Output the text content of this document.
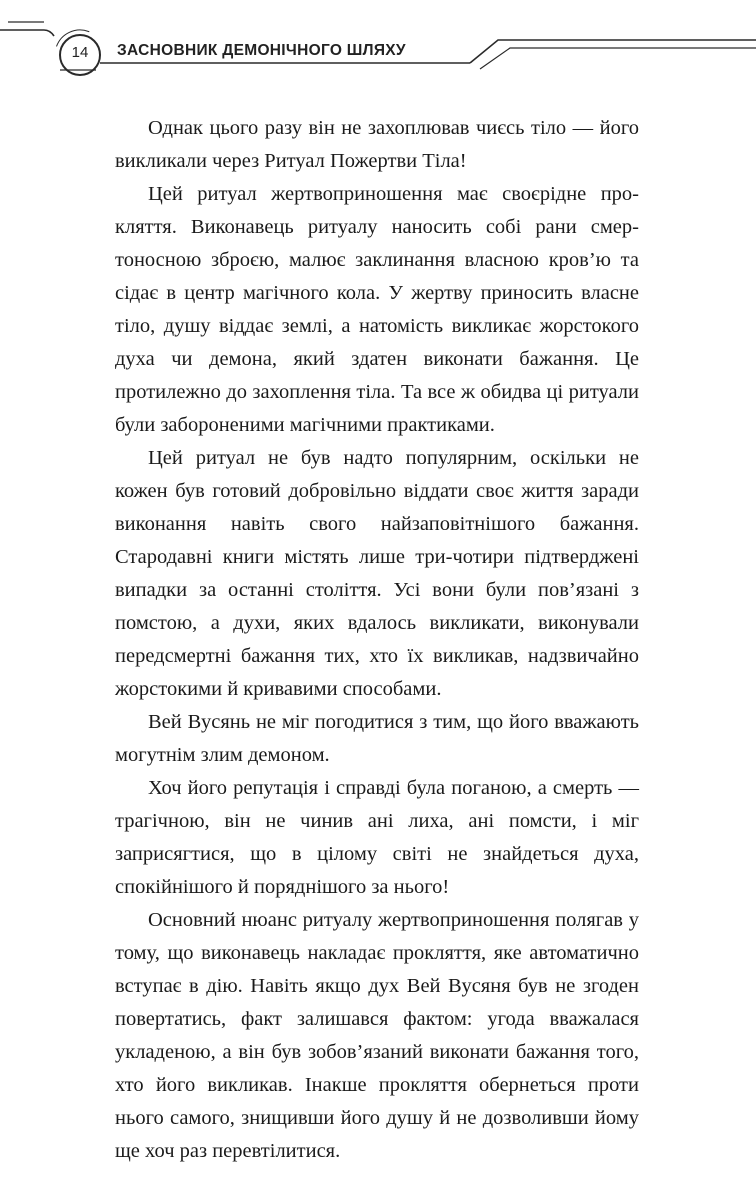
14	ЗАСНОВНИК ДЕМОНІЧНОГО ШЛЯХУ

Однак цього разу він не захоплював чиєсь тіло — його викликали через Ритуал Пожертви Тіла!

Цей ритуал жертвоприношення має своєрідне прокляття. Виконавець ритуалу наносить собі рани смертоносною зброєю, малює заклинання власною кров’ю та сідає в центр магічного кола. У жертву приносить власне тіло, душу віддає землі, а натомість викликає жорстокого духа чи демона, який здатен виконати бажання. Це протилежно до захоплення тіла. Та все ж обидва ці ритуали були забороненими магічними практиками.

Цей ритуал не був надто популярним, оскільки не кожен був готовий добровільно віддати своє життя заради виконання навіть свого найзаповітнішого бажання. Стародавні книги містять лише три-чотири підтверджені випадки за останні століття. Усі вони були пов’язані з помстою, а духи, яких вдалось викликати, виконували передсмертні бажання тих, хто їх викликав, надзвичайно жорстокими й кривавими способами.

Вей Вусянь не міг погодитися з тим, що його вважають могутнім злим демоном.

Хоч його репутація і справді була поганою, а смерть — трагічною, він не чинив ані лиха, ані помсти, і міг заприсягтися, що в цілому світі не знайдеться духа, спокійнішого й поряднішого за нього!

Основний нюанс ритуалу жертвоприношення полягав у тому, що виконавець накладає прокляття, яке автоматично вступає в дію. Навіть якщо дух Вей Вусяня був не згоден повертатись, факт залишався фактом: угода вважалася укладеною, а він був зобов’язаний виконати бажання того, хто його викликав. Інакше прокляття обернеться проти нього самого, знищивши його душу й не дозволивши йому ще хоч раз перевтілитися.
